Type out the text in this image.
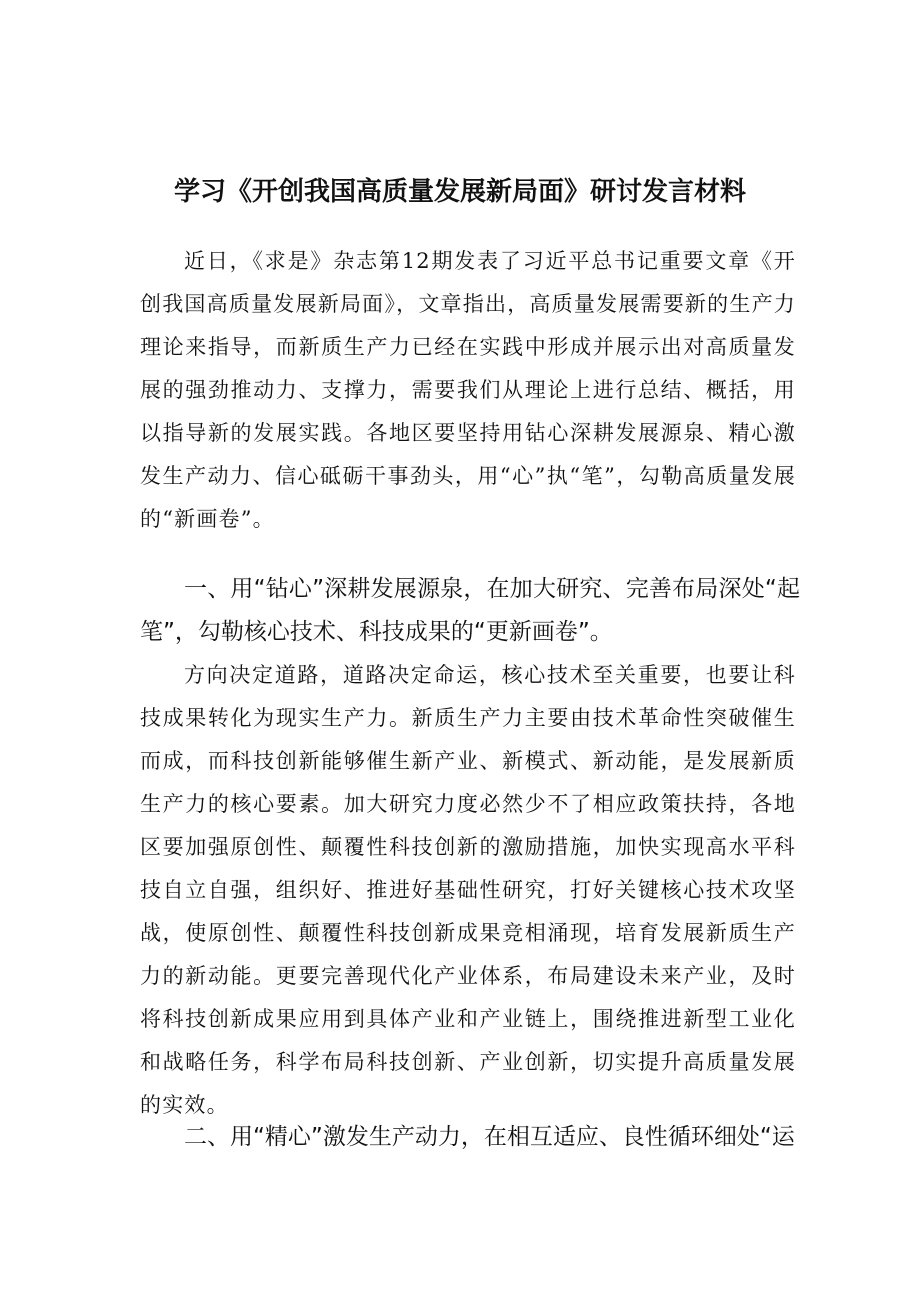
学习《开创我国高质量发展新局面》研讨发言材料

近日，《求是》杂志第12期发表了习近平总书记重要文章《开创我国高质量发展新局面》，文章指出，高质量发展需要新的生产力理论来指导，而新质生产力已经在实践中形成并展示出对高质量发展的强劲推动力、支撑力，需要我们从理论上进行总结、概括，用以指导新的发展实践。各地区要坚持用钻心深耕发展源泉、精心激发生产动力、信心砥砺干事劲头，用“心”执“笔”，勾勒高质量发展的“新画卷”。

一、用“钻心”深耕发展源泉，在加大研究、完善布局深处“起笔”，勾勒核心技术、科技成果的“更新画卷”。

方向决定道路，道路决定命运，核心技术至关重要，也要让科技成果转化为现实生产力。新质生产力主要由技术革命性突破催生而成，而科技创新能够催生新产业、新模式、新动能，是发展新质生产力的核心要素。加大研究力度必然少不了相应政策扶持，各地区要加强原创性、颠覆性科技创新的激励措施，加快实现高水平科技自立自强，组织好、推进好基础性研究，打好关键核心技术攻坚战，使原创性、颠覆性科技创新成果竞相涌现，培育发展新质生产力的新动能。更要完善现代化产业体系，布局建设未来产业，及时将科技创新成果应用到具体产业和产业链上，围绕推进新型工业化和战略任务，科学布局科技创新、产业创新，切实提升高质量发展的实效。

二、用“精心”激发生产动力，在相互适应、良性循环细处“运
